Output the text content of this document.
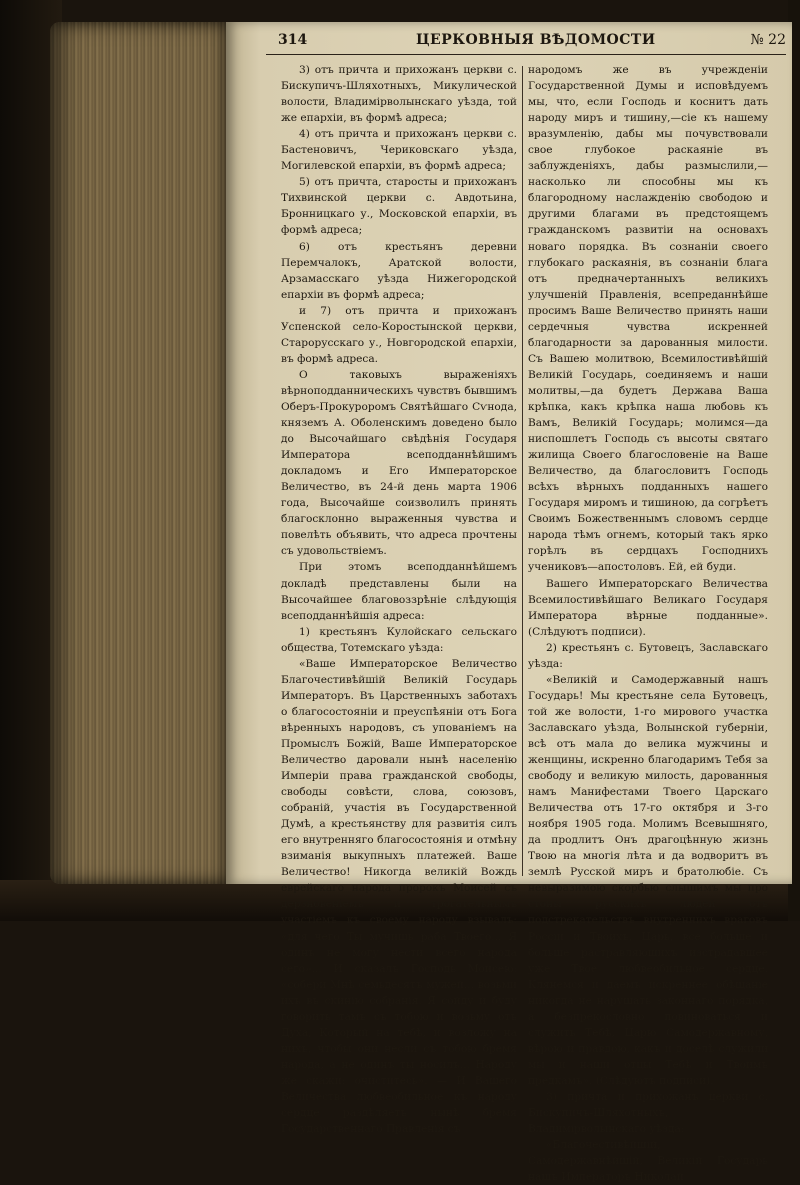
314	ЦЕРКОВНЫЯ ВѢДОМОСТИ	№ 22

3) отъ причта и прихожанъ церкви с. Бискупичъ-Шляхотныхъ, Микулической волости, Владимірволынскаго уѣзда, той же епархіи, въ формѣ адреса;

4) отъ причта и прихожанъ церкви с. Бастеновичъ, Чериковскаго уѣзда, Могилевской епархіи, въ формѣ адреса;

5) отъ причта, старосты и прихожанъ Тихвинской церкви с. Авдотьина, Бронницкаго у., Московской епархіи, въ формѣ адреса;

6) отъ крестьянъ деревни Перемчалокъ, Аратской волости, Арзамасскаго уѣзда Нижегородской епархіи въ формѣ адреса;

и 7) отъ причта и прихожанъ Успенской село-Коростынской церкви, Старорусскаго у., Новгородской епархіи, въ формѣ адреса.

О таковыхъ выраженіяхъ вѣрноподданническихъ чувствъ бывшимъ Оберъ-Прокуроромъ Святѣйшаго Сѵнода, княземъ А. Оболенскимъ доведено было до Высочайшаго свѣдѣнія Государя Императора всеподданнѣйшимъ докладомъ и Его Императорское Величество, въ 24-й день марта 1906 года, Высочайше соизволилъ принять благосклонно выраженныя чувства и повелѣть объявить, что адреса прочтены съ удовольствіемъ.

При этомъ всеподданнѣйшемъ докладѣ представлены были на Высочайшее благовоззрѣніе слѣдующія всеподданнѣйшія адреса:

1) крестьянъ Кулойскаго сельскаго общества, Тотемскаго уѣзда:

«Ваше Императорское Величество Благочестивѣйшій Великій Государь Императоръ. Въ Царственныхъ заботахъ о благосостояніи и преуспѣяніи отъ Бога вѣренныхъ народовъ, съ упованіемъ на Промыслъ Божій, Ваше Императорское Величество даровали нынѣ населенію Имперіи права гражданской свободы, свободы совѣсти, слова, союзовъ, собраній, участія въ Государственной Думѣ, а крестьянству для развитія силъ его внутренняго благосостоянія и отмѣну взиманія выкупныхъ платежей. Ваше Величество! Никогда великій Вождь еврейскаго народа пророкъ Моисей съ дерзновеніемъ и трогательнымъ участіемъ къ своему народу взывалъ: «для чего Ты мучишь раба Твоего... Я одинъ не могу нести всего народа сего»... И сказалъ Господь Моисею: «собери Мнѣ семьдесятъ мужей... возьми ихъ въ скинію собранія. Я сойду и буду говорить тамъ съ тобою и возьму отъ Духа, Который на тебѣ, и возложу на нихъ, чтобы они несли съ тобою бремя народа, а не одинъ ты носилъ... Народу же скажи: очиститесь». — И Вашего Величества любвеобильное къ народу сердце раздѣляетъ нынѣ бремя Государственнаго Правленія съ

народомъ же въ учрежденіи Государственной Думы и исповѣдуемъ мы, что, если Господь и коснитъ дать народу миръ и тишину,—сіе къ нашему вразумленію, дабы мы почувствовали свое глубокое раскаяніе въ заблужденіяхъ, дабы размыслили,—насколько ли способны мы къ благородному наслажденію свободою и другими благами въ предстоящемъ гражданскомъ развитіи на основахъ новаго порядка. Въ сознаніи своего глубокаго раскаянія, въ сознаніи блага отъ предначертанныхъ великихъ улучшеній Правленія, всепреданнѣйше просимъ Ваше Величество принять наши сердечныя чувства искренней благодарности за дарованныя милости. Съ Вашею молитвою, Всемилостивѣйшій Великій Государь, соединяемъ и наши молитвы,—да будетъ Держава Ваша крѣпка, какъ крѣпка наша любовь къ Вамъ, Великій Государь; молимся—да ниспошлетъ Господь съ высоты святаго жилища Своего благословеніе на Ваше Величество, да благословитъ Господь всѣхъ вѣрныхъ подданныхъ нашего Государя миромъ и тишиною, да согрѣетъ Своимъ Божественнымъ словомъ сердце народа тѣмъ огнемъ, который такъ ярко горѣлъ въ сердцахъ Господнихъ учениковъ—апостоловъ. Ей, ей буди.

Вашего Императорскаго Величества Всемилостивѣйшаго Великаго Государя Императора вѣрные подданные». (Слѣдуютъ подписи).

2) крестьянъ с. Бутовецъ, Заславскаго уѣзда:

«Великій и Самодержавный нашъ Государь! Мы крестьяне села Бутовецъ, той же волости, 1-го мирового участка Заславскаго уѣзда, Волынской губерніи, всѣ отъ мала до велика мужчины и женщины, искренно благодаримъ Тебя за свободу и великую милость, дарованныя намъ Манифестами Твоего Царскаго Величества отъ 17-го октября и 3-го ноября 1905 года. Молимъ Всевышняго, да продлитъ Онъ драгоцѣнную жизнь Твою на многія лѣта и да водворитъ въ землѣ Русской миръ и братолюбіе. Съ невыразимою скорбью слышимъ мы про стоны русскихъ людей отъ подстрекательствъ внутреннихъ враговъ Россіи и Твоихъ, Царь, все больше и больше растравляющихъ изстрадавшее уже Твое любвеобильное сердце. Клянемся и даемъ искреннее обѣщаніе никогда не нарушать законнаго порядка, а безпрекословно повиноваться и служить Тебѣ, Царю Самодержавному, вѣрою и правдою, какъ и доселѣ служили мы и наши отцы Тебѣ и Твоимъ предкамъ». (Слѣдуютъ подписи).

3) причта и прихожанъ церкви с. Бискупичъ-Шляхотныхъ, Владимірволынскаго уѣзда:

«Благочестивѣйшій, Самодержавнѣйшій, Великій Государь нашъ Императоръ Николай
